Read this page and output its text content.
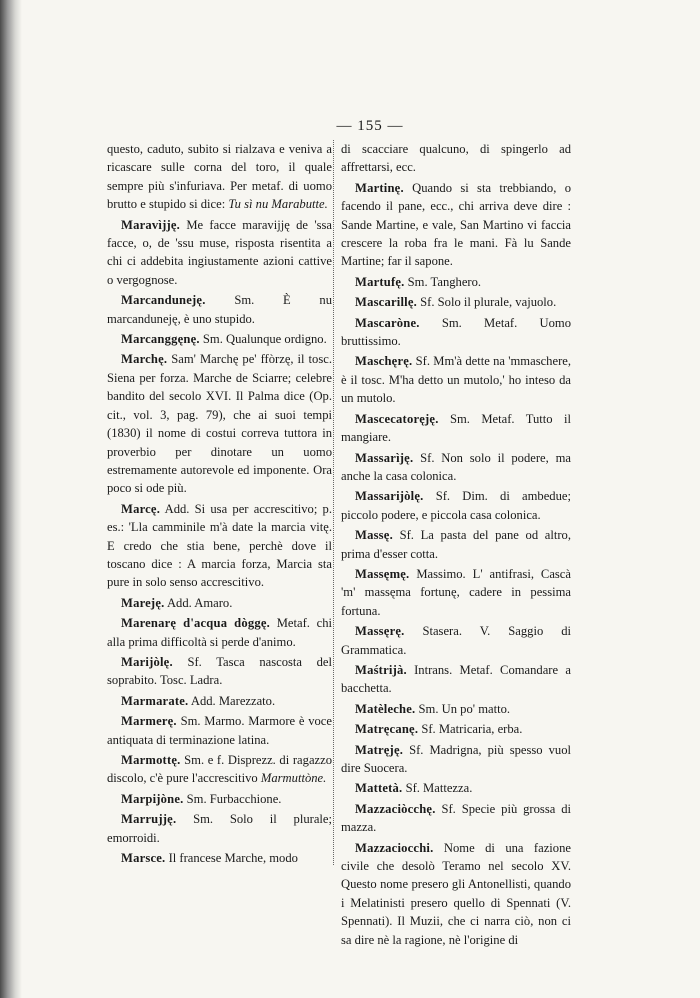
— 155 —

questo, caduto, subito si rialzava e veniva a ricascare sulle corna del toro, il quale sempre più s'infuriava. Per metaf. di uomo brutto e stupido si dice: Tu sì nu Marabutte.

Maravìjję. Me facce maravijję de 'ssa facce, o, de 'ssu muse, risposta risentita a chi ci addebita ingiustamente azioni cattive o vergognose.

Marcanduneję. Sm. È nu marcanduneję, è uno stupido.

Marcanggęnę. Sm. Qualunque ordigno.

Marchę. Sam' Marchę pe' ffòrzę, il tosc. Siena per forza. Marche de Sciarre; celebre bandito del secolo XVI. Il Palma dice (Op. cit., vol. 3, pag. 79), che ai suoi tempi (1830) il nome di costui correva tuttora in proverbio per dinotare un uomo estremamente autorevole ed imponente. Ora poco si ode più.

Marcę. Add. Si usa per accrescitivo; p. es.: 'Lla camminile m'à date la marcia vitę. E credo che stia bene, perchè dove il toscano dice : A marcia forza, Marcia sta pure in solo senso accrescitivo.

Mareję. Add. Amaro.

Marenarę d'acqua dòggę. Metaf. chi alla prima difficoltà si perde d'animo.

Marijòlę. Sf. Tasca nascosta del soprabito. Tosc. Ladra.

Marmarate. Add. Marezzato.

Marmerę. Sm. Marmo. Marmore è voce antiquata di terminazione latina.

Marmottę. Sm. e f. Disprezz. di ragazzo discolo, c'è pure l'accrescitivo Marmuttòne.

Marpijòne. Sm. Furbacchione.

Marrujję. Sm. Solo il plurale; emorroidi.

Marsce. Il francese Marche, modo

di scacciare qualcuno, di spingerlo ad affrettarsi, ecc.

Martinę. Quando si sta trebbiando, o facendo il pane, ecc., chi arriva deve dire : Sande Martine, e vale, San Martino vi faccia crescere la roba fra le mani. Fà lu Sande Martine; far il sapone.

Martufę. Sm. Tanghero.

Mascarillę. Sf. Solo il plurale, vajuolo.

Mascaròne. Sm. Metaf. Uomo bruttissimo.

Maschęrę. Sf. Mm'à dette na 'mmaschere, è il tosc. M'ha detto un mutolo,' ho inteso da un mutolo.

Mascecatoręję. Sm. Metaf. Tutto il mangiare.

Massarìję. Sf. Non solo il podere, ma anche la casa colonica.

Massarijòlę. Sf. Dim. di ambedue; piccolo podere, e piccola casa colonica.

Massę. Sf. La pasta del pane od altro, prima d'esser cotta.

Massęmę. Massimo. L' antifrasi, Cascà 'm' massęma fortunę, cadere in pessima fortuna.

Massęrę. Stasera. V. Saggio di Grammatica.

Maśtrijà. Intrans. Metaf. Comandare a bacchetta.

Matèleche. Sm. Un po' matto.

Matręcanę. Sf. Matricaria, erba.

Matręję. Sf. Madrigna, più spesso vuol dire Suocera.

Mattetà. Sf. Mattezza.

Mazzaciòcchę. Sf. Specie più grossa di mazza.

Mazzaciocchi. Nome di una fazione civile che desolò Teramo nel secolo XV. Questo nome presero gli Antonellisti, quando i Melatinisti presero quello di Spennati (V. Spennati). Il Muzii, che ci narra ciò, non ci sa dire nè la ragione, nè l'origine di
